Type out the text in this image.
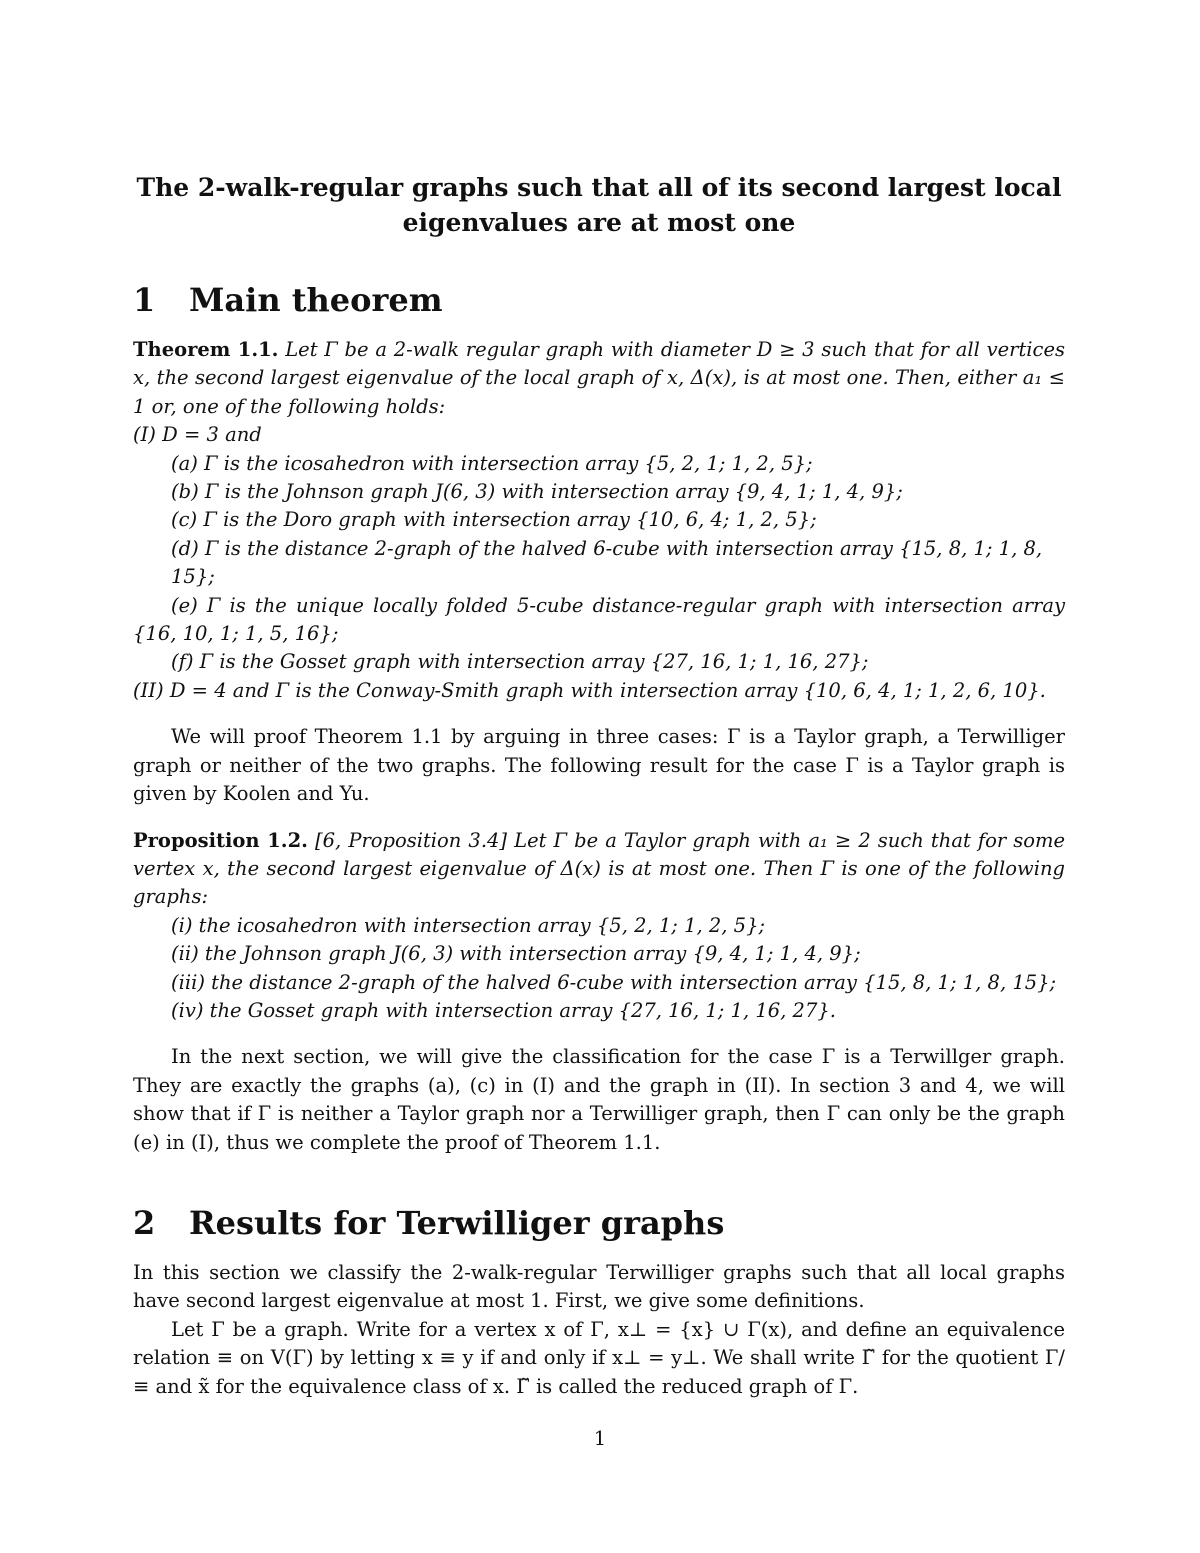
The 2-walk-regular graphs such that all of its second largest local eigenvalues are at most one
1	Main theorem

Theorem 1.1. Let Γ be a 2-walk regular graph with diameter D ≥ 3 such that for all vertices x, the second largest eigenvalue of the local graph of x, Δ(x), is at most one. Then, either a₁ ≤ 1 or, one of the following holds:

(I) D = 3 and

(a) Γ is the icosahedron with intersection array {5, 2, 1; 1, 2, 5};

(b) Γ is the Johnson graph J(6, 3) with intersection array {9, 4, 1; 1, 4, 9};

(c) Γ is the Doro graph with intersection array {10, 6, 4; 1, 2, 5};

(d) Γ is the distance 2-graph of the halved 6-cube with intersection array {15, 8, 1; 1, 8, 15};

(e) Γ is the unique locally folded 5-cube distance-regular graph with intersection array {16, 10, 1; 1, 5, 16};

(f) Γ is the Gosset graph with intersection array {27, 16, 1; 1, 16, 27};

(II) D = 4 and Γ is the Conway-Smith graph with intersection array {10, 6, 4, 1; 1, 2, 6, 10}.

We will proof Theorem 1.1 by arguing in three cases: Γ is a Taylor graph, a Terwilliger graph or neither of the two graphs. The following result for the case Γ is a Taylor graph is given by Koolen and Yu.

Proposition 1.2. [6, Proposition 3.4] Let Γ be a Taylor graph with a₁ ≥ 2 such that for some vertex x, the second largest eigenvalue of Δ(x) is at most one. Then Γ is one of the following graphs:

(i) the icosahedron with intersection array {5, 2, 1; 1, 2, 5};

(ii) the Johnson graph J(6, 3) with intersection array {9, 4, 1; 1, 4, 9};

(iii) the distance 2-graph of the halved 6-cube with intersection array {15, 8, 1; 1, 8, 15};

(iv) the Gosset graph with intersection array {27, 16, 1; 1, 16, 27}.

In the next section, we will give the classification for the case Γ is a Terwillger graph. They are exactly the graphs (a), (c) in (I) and the graph in (II). In section 3 and 4, we will show that if Γ is neither a Taylor graph nor a Terwilliger graph, then Γ can only be the graph (e) in (I), thus we complete the proof of Theorem 1.1.

2	Results for Terwilliger graphs

In this section we classify the 2-walk-regular Terwilliger graphs such that all local graphs have second largest eigenvalue at most 1. First, we give some definitions.

Let Γ be a graph. Write for a vertex x of Γ, x⊥ = {x} ∪ Γ(x), and define an equivalence relation ≡ on V(Γ) by letting x ≡ y if and only if x⊥ = y⊥. We shall write Γ̃ for the quotient Γ/ ≡ and x̃ for the equivalence class of x. Γ̃ is called the reduced graph of Γ.

1
